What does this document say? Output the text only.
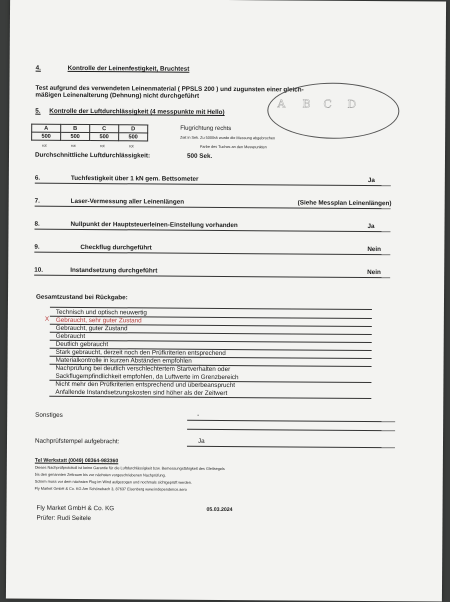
4.	Kontrolle der Leinenfestigkeit, Bruchtest
Test aufgrund des verwendeten Leinenmaterial ( PPSLS 200 ) und zugunsten einer gleich-
mäßigen Leinenalterung (Dehnung) nicht durchgeführt
5. Kontrolle der Luftdurchlässigkeit (4 messpunkte mit Hello)
A B C D
A	B	C	D
500	500	500	500
rot	rot	rot	rot
Flugrichtung rechts
Zeit in Sek. Zu 5000sk wurde die Messung abgebrochen
Farbe des Tuches an den Messpunkten
Durchschnittliche Luftdurchlässigkeit:	500 Sek.
6.	Tuchfestigkeit über 1 kN gem. Bettsometer	Ja
7.	Laser-Vermessung aller Leinenlängen	(Siehe Messplan Leinenlängen)
8.	Nullpunkt der Hauptsteuerleinen-Einstellung vorhanden	Ja
9.	Checkflug durchgeführt	Nein
10.	Instandsetzung durchgeführt	Nein
Gesamtzustand bei Rückgabe:
X
Technisch und optisch neuwertig
Gebraucht, sehr guter Zustand
Gebraucht, guter Zustand
Gebraucht
Deutlich gebraucht
Stark gebraucht, derzeit noch den Prüfkriterien entsprechend
Materialkontrolle in kurzen Abständen empfohlen
Nachprüfung bei deutlich verschlechtertem Startverhalten oder
Sackflugempfindlichkeit empfohlen, da Luftwerte im Grenzbereich
Nicht mehr den Prüfkriterien entsprechend und überbeansprucht
Anfallende Instandsetzungskosten sind höher als der Zeitwert
Sonstiges	-
Nachprüfstempel aufgebracht:	Ja
Tel Werkstatt (0049) 08364-983360
Dieses Nachprüfprotokoll ist keine Garantie für die Luftdurchlässigkeit bzw. Bemessungsfähigkeit des Gleitsegels
bis den genannten Zeitraum bis zur nächsten vorgeschriebenen Nachprüfung.
Schirm muss vor dem nächsten Flug im Wind aufgezogen und nochmals sichtgeprüft werden.
Fly Market GmbH & Co. KG Am Schönebach 3, 87637 Eisenberg www.independence.aero
Fly Market GmbH & Co. KG	05.03.2024
Prüfer: Rudi Seitele
